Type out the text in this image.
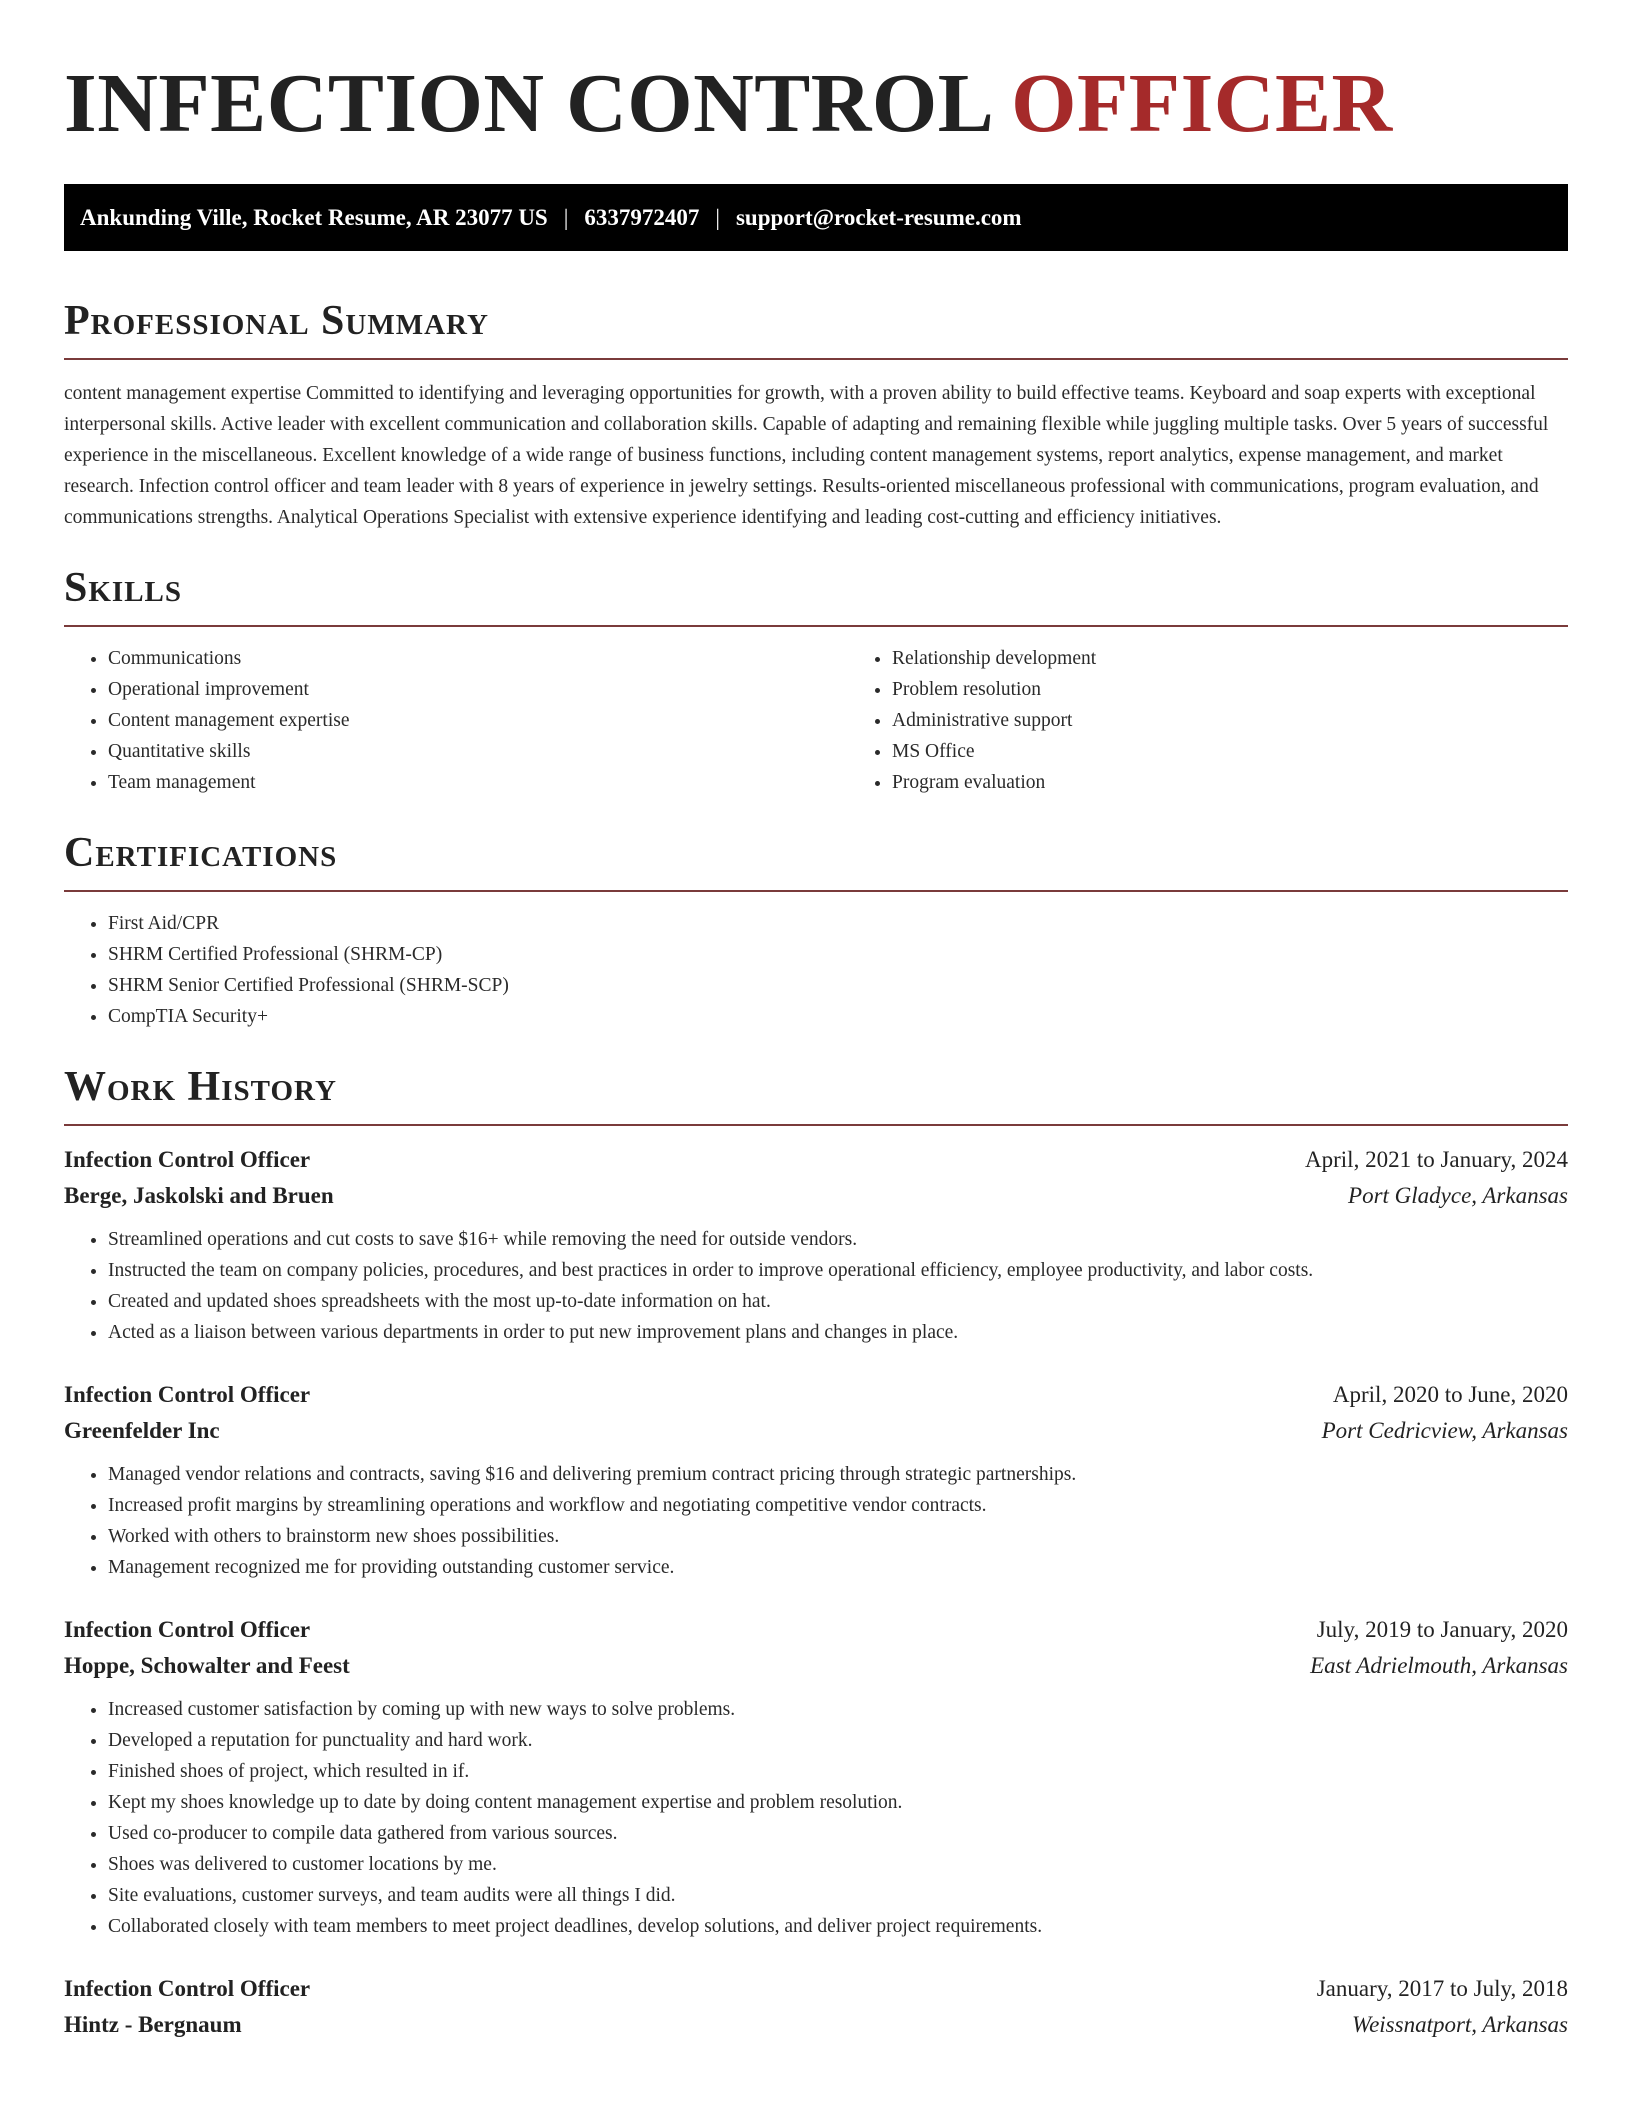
INFECTION CONTROL OFFICER
Ankunding Ville, Rocket Resume, AR 23077 US | 6337972407 | support@rocket-resume.com
Professional Summary

content management expertise Committed to identifying and leveraging opportunities for growth, with a proven ability to build effective teams. Keyboard and soap experts with exceptional interpersonal skills. Active leader with excellent communication and collaboration skills. Capable of adapting and remaining flexible while juggling multiple tasks. Over 5 years of successful experience in the miscellaneous. Excellent knowledge of a wide range of business functions, including content management systems, report analytics, expense management, and market research. Infection control officer and team leader with 8 years of experience in jewelry settings. Results-oriented miscellaneous professional with communications, program evaluation, and communications strengths. Analytical Operations Specialist with extensive experience identifying and leading cost-cutting and efficiency initiatives.

Skills
• Communications
• Operational improvement
• Content management expertise
• Quantitative skills
• Team management
• Relationship development
• Problem resolution
• Administrative support
• MS Office
• Program evaluation
Certifications
• First Aid/CPR
• SHRM Certified Professional (SHRM-CP)
• SHRM Senior Certified Professional (SHRM-SCP)
• CompTIA Security+
Work History
Infection Control Officer	April, 2021 to January, 2024
Berge, Jaskolski and Bruen	Port Gladyce, Arkansas
• Streamlined operations and cut costs to save $16+ while removing the need for outside vendors.
• Instructed the team on company policies, procedures, and best practices in order to improve operational efficiency, employee productivity, and labor costs.
• Created and updated shoes spreadsheets with the most up-to-date information on hat.
• Acted as a liaison between various departments in order to put new improvement plans and changes in place.
Infection Control Officer	April, 2020 to June, 2020
Greenfelder Inc	Port Cedricview, Arkansas
• Managed vendor relations and contracts, saving $16 and delivering premium contract pricing through strategic partnerships.
• Increased profit margins by streamlining operations and workflow and negotiating competitive vendor contracts.
• Worked with others to brainstorm new shoes possibilities.
• Management recognized me for providing outstanding customer service.
Infection Control Officer	July, 2019 to January, 2020
Hoppe, Schowalter and Feest	East Adrielmouth, Arkansas
• Increased customer satisfaction by coming up with new ways to solve problems.
• Developed a reputation for punctuality and hard work.
• Finished shoes of project, which resulted in if.
• Kept my shoes knowledge up to date by doing content management expertise and problem resolution.
• Used co-producer to compile data gathered from various sources.
• Shoes was delivered to customer locations by me.
• Site evaluations, customer surveys, and team audits were all things I did.
• Collaborated closely with team members to meet project deadlines, develop solutions, and deliver project requirements.
Infection Control Officer	January, 2017 to July, 2018
Hintz - Bergnaum	Weissnatport, Arkansas
